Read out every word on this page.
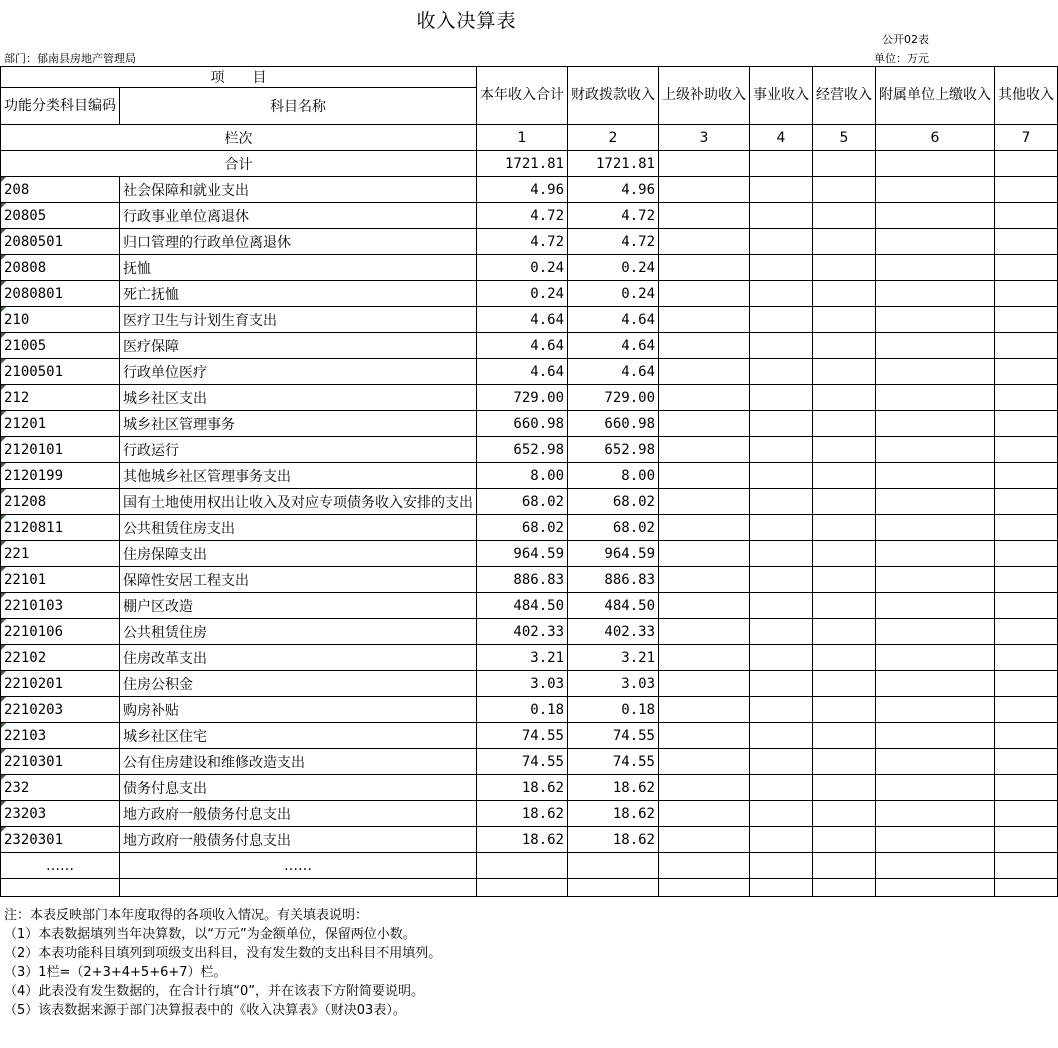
收入决算表
公开02表
部门：郁南县房地产管理局	单位：万元
项　　目		本年收入合计	财政拨款收入	上级补助收入	事业收入	经营收入	附属单位上缴收入	其他收入
功能分类科目编码	科目名称							

栏次		1	2	3	4	5	6	7
合计		1721.81	1721.81					
208	社会保障和就业支出	4.96	4.96					
20805	行政事业单位离退休	4.72	4.72					
2080501	归口管理的行政单位离退休	4.72	4.72					
20808	抚恤	0.24	0.24					
2080801	死亡抚恤	0.24	0.24					
210	医疗卫生与计划生育支出	4.64	4.64					
21005	医疗保障	4.64	4.64					
2100501	行政单位医疗	4.64	4.64					
212	城乡社区支出	729.00	729.00					
21201	城乡社区管理事务	660.98	660.98					
2120101	行政运行	652.98	652.98					
2120199	其他城乡社区管理事务支出	8.00	8.00					
21208	国有土地使用权出让收入及对应专项债务收入安排的支出	68.02	68.02					
2120811	公共租赁住房支出	68.02	68.02					
221	住房保障支出	964.59	964.59					
22101	保障性安居工程支出	886.83	886.83					
2210103	棚户区改造	484.50	484.50					
2210106	公共租赁住房	402.33	402.33					
22102	住房改革支出	3.21	3.21					
2210201	住房公积金	3.03	3.03					
2210203	购房补贴	0.18	0.18					
22103	城乡社区住宅	74.55	74.55					
2210301	公有住房建设和维修改造支出	74.55	74.55					
232	债务付息支出	18.62	18.62					
23203	地方政府一般债务付息支出	18.62	18.62					
2320301	地方政府一般债务付息支出	18.62	18.62					
……	……							

注：本表反映部门本年度取得的各项收入情况。有关填表说明：
（1）本表数据填列当年决算数，以“万元”为金额单位，保留两位小数。
（2）本表功能科目填列到项级支出科目，没有发生数的支出科目不用填列。
（3）1栏=（2+3+4+5+6+7）栏。
（4）此表没有发生数据的，在合计行填“0”，并在该表下方附简要说明。
（5）该表数据来源于部门决算报表中的《收入决算表》（财决03表）。
